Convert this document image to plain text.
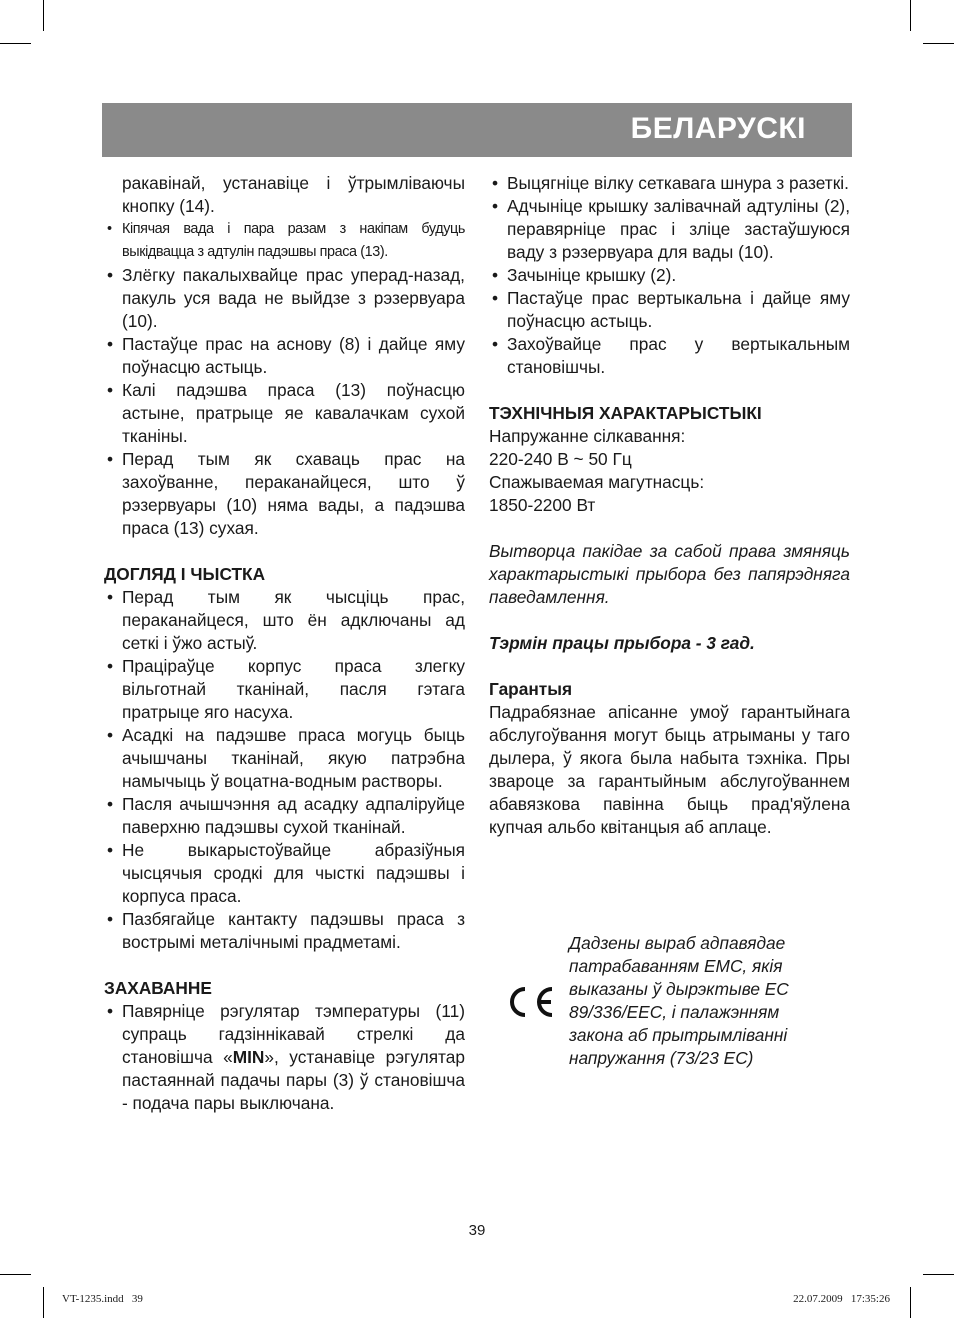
БЕЛАРУСКІ

ракавінай, устанавіце і ўтрымліваючы кнопку (14).

• Кіпячая вада і пара разам з накіпам будуць выкідвацца з адтулін падэшвы праса (13).
• Злёгку пакалыхвайце прас уперад-назад, пакуль уся вада не выйдзе з рэзервуара (10).
• Пастаўце прас на аснову (8) і дайце яму поўнасцю астыць.
• Калі падэшва праса (13) поўнасцю астыне, пратрыце яе кавалачкам сухой тканіны.
• Перад тым як схаваць прас на захоўванне, пераканайцеся, што ў рэзервуары (10) няма вады, а падэшва праса (13) сухая.

ДОГЛЯД І ЧЫСТКА

• Перад тым як чысціць прас, пераканайцеся, што ён адключаны ад сеткі і ўжо астыў.
• Праціраўце корпус праса злегку вільготнай тканінай, пасля гэтага пратрыце яго насуха.
• Асадкі на падэшве праса могуць быць ачышчаны тканінай, якую патрэбна намычыць ў воцатна-водным растворы.
• Пасля ачышчэння ад асадку адпаліруйце паверхню падэшвы сухой тканінай.
• Не выкарыстоўвайце абразіўныя чысцячыя сродкі для чысткі падэшвы і корпуса праса.
• Пазбягайце кантакту падэшвы праса з вострымі металічнымі прадметамі.

ЗАХАВАННЕ

• Павярніце рэгулятар тэмпературы (11) супраць гадзіннікавай стрелкі да становішча «MIN», устанавіце рэгулятар пастаяннай падачы пары (3) ў становішча - подача пары выключана.
• Выцягніце вілку сеткавага шнура з разеткі.
• Адчыніце крышку залівачнай адтуліны (2), перавярніце прас і зліце застаўшуюся ваду з рэзервуара для вады (10).
• Зачыніце крышку (2).
• Пастаўце прас вертыкальна і дайце яму поўнасцю астыць.
• Захоўвайце прас у вертыкальным становішчы.

ТЭХНІЧНЫЯ ХАРАКТАРЫСТЫКІ

Напружанне сілкавання:

220-240 В ~ 50 Гц

Спажываемая магутнасць:

1850-2200 Вт

Вытворца пакідае за сабой права змяняць характарыстыкі прыбора без папярэдняга паведамлення.

Тэрмін працы прыбора - 3 гад.

Гарантыя

Падрабязнае апісанне умоў гарантыйнага абслугоўвання могут быць атрыманы у таго дылера, ў якога была набыта тэхніка. Пры звароце за гарантыйным абслугоўваннем абавязкова павінна быць прад'яўлена купчая альбо квітанцыя аб аплаце.

Дадзены выраб адпавядае
патрабаванням ЕМС, якія
выказаны ў дырэктыве ЕС
89/336/ЕЕС, і палажэнням
закона аб прытрымліванні
напружання (73/23 ЕС)
39
VT-1235.indd   39	22.07.2009   17:35:26
